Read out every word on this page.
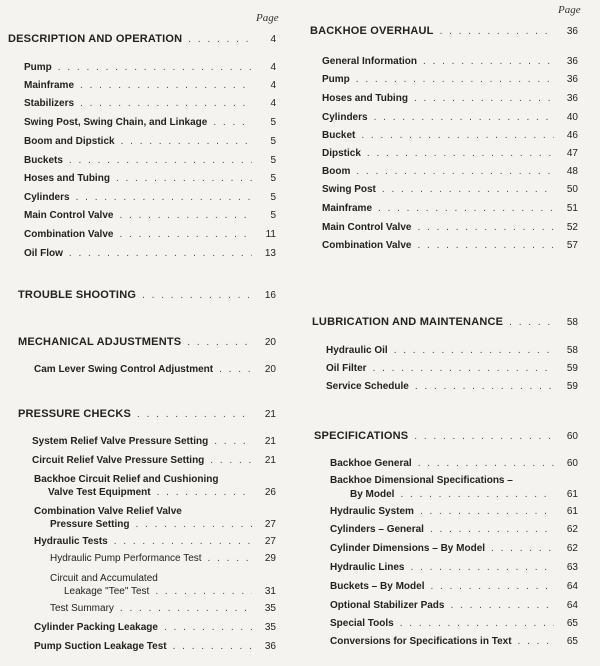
Page
Page
DESCRIPTION AND OPERATION . . .	4
Pump . . .	4
Mainframe . . .	4
Stabilizers . . .	4
Swing Post, Swing Chain, and Linkage . . .	5
Boom and Dipstick . . .	5
Buckets . . .	5
Hoses and Tubing . . .	5
Cylinders . . .	5
Main Control Valve . . .	5
Combination Valve . . .	11
Oil Flow . . .	13
TROUBLE SHOOTING . . .	16
MECHANICAL ADJUSTMENTS . . .	20
Cam Lever Swing Control Adjustment . . .	20
PRESSURE CHECKS . . .	21
System Relief Valve Pressure Setting . . .	21
Circuit Relief Valve Pressure Setting . . .	21
Backhoe Circuit Relief and Cushioning
Valve Test Equipment . . .	26
Combination Valve Relief Valve
Pressure Setting . . .	27
Hydraulic Tests . . .	27
Hydraulic Pump Performance Test . . .	29
Circuit and Accumulated
Leakage "Tee" Test . . .	31
Test Summary . . .	35
Cylinder Packing Leakage . . .	35
Pump Suction Leakage Test . . .	36
BACKHOE OVERHAUL . . .	36
General Information . . .	36
Pump . . .	36
Hoses and Tubing . . .	36
Cylinders . . .	40
Bucket . . .	46
Dipstick . . .	47
Boom . . .	48
Swing Post . . .	50
Mainframe . . .	51
Main Control Valve . . .	52
Combination Valve . . .	57
LUBRICATION AND MAINTENANCE . . .	58
Hydraulic Oil . . .	58
Oil Filter . . .	59
Service Schedule . . .	59
SPECIFICATIONS . . .	60
Backhoe General . . .	60
Backhoe Dimensional Specifications –
By Model . . .	61
Hydraulic System . . .	61
Cylinders – General . . .	62
Cylinder Dimensions – By Model . . .	62
Hydraulic Lines . . .	63
Buckets – By Model . . .	64
Optional Stabilizer Pads . . .	64
Special Tools . . .	65
Conversions for Specifications in Text . . .	65
